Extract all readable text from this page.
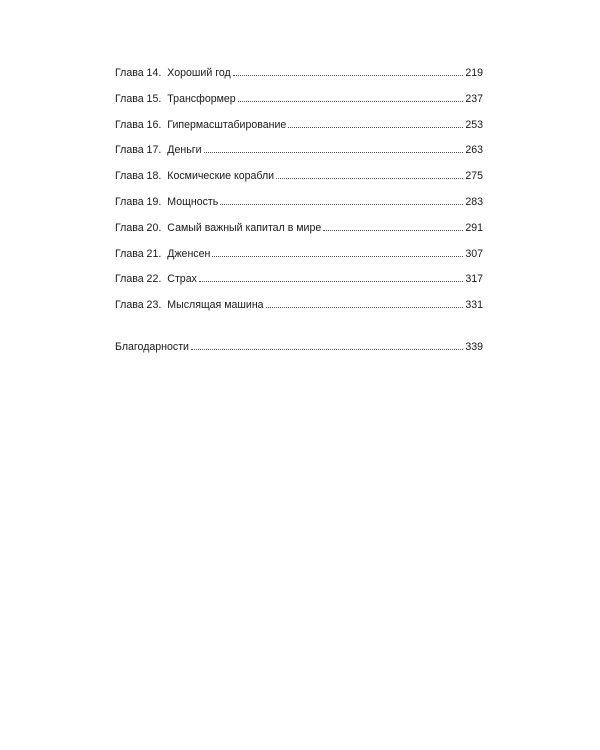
Глава 14. Хороший год	219
Глава 15. Трансформер	237
Глава 16. Гипермасштабирование	253
Глава 17. Деньги	263
Глава 18. Космические корабли	275
Глава 19. Мощность	283
Глава 20. Самый важный капитал в мире	291
Глава 21. Дженсен	307
Глава 22. Страх	317
Глава 23. Мыслящая машина	331
Благодарности	339
